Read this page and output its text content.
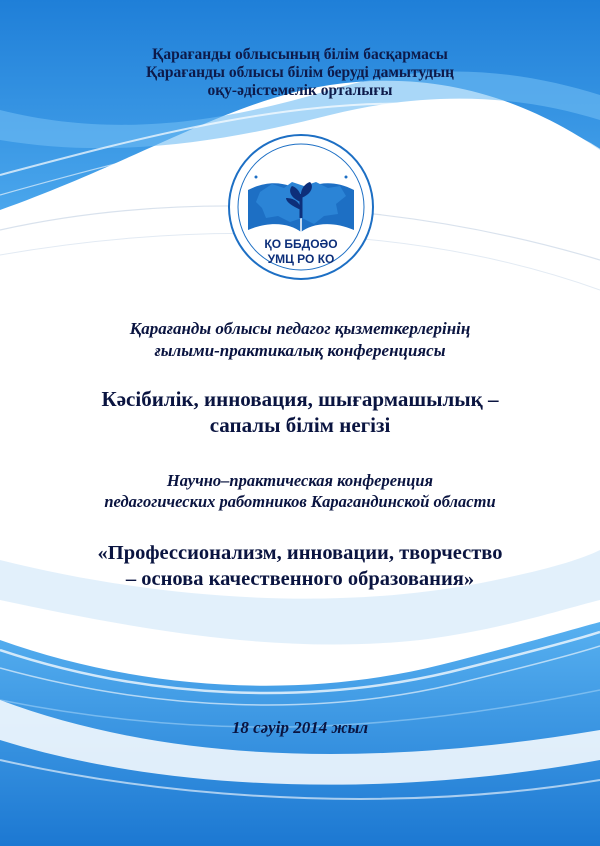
Қарағанды облысының білім басқармасы
Қарағанды облысы білім беруді дамытудың
оқу-әдістемелік орталығы
ҚО ББДОӘО
УМЦ РО КО
Қарағанды облысы педагог қызметкерлерінің
ғылыми-практикалық конференциясы
Кәсібилік, инновация, шығармашылық –
сапалы білім негізі
Научно–практическая конференция
педагогических работников Карагандинской области
«Профессионализм, инновации, творчество
– основа качественного образования»
18 сәуір 2014 жыл
